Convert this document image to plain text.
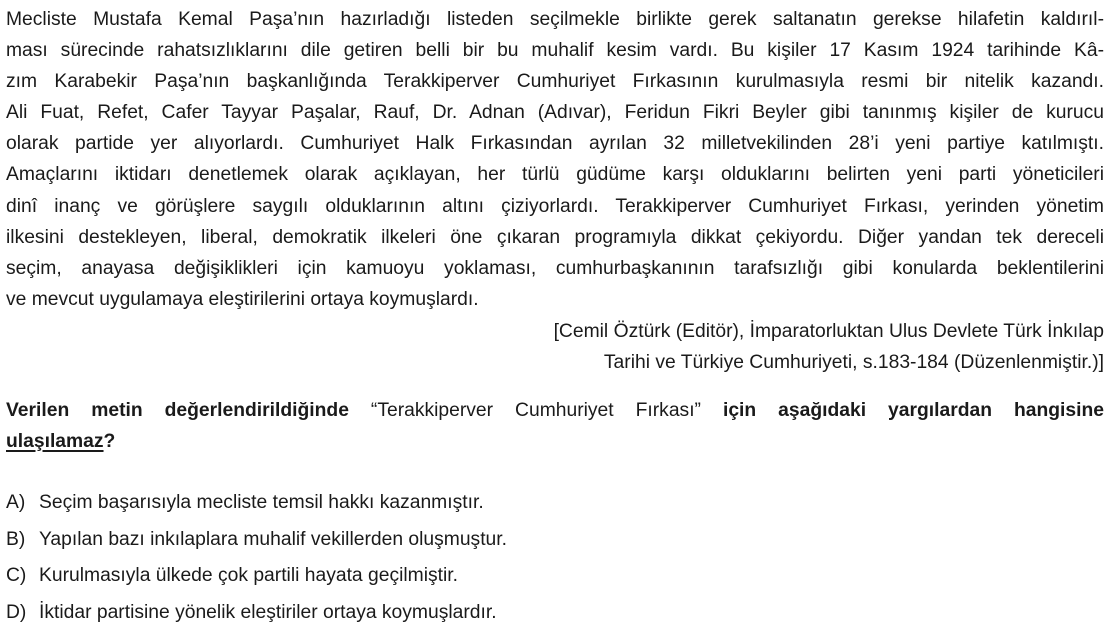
Mecliste Mustafa Kemal Paşa’nın hazırladığı listeden seçilmekle birlikte gerek saltanatın gerekse hilafetin kaldırıl-
ması sürecinde rahatsızlıklarını dile getiren belli bir bu muhalif kesim vardı. Bu kişiler 17 Kasım 1924 tarihinde Kâ-
zım Karabekir Paşa’nın başkanlığında Terakkiperver Cumhuriyet Fırkasının kurulmasıyla resmi bir nitelik kazandı.
Ali Fuat, Refet, Cafer Tayyar Paşalar, Rauf, Dr. Adnan (Adıvar), Feridun Fikri Beyler gibi tanınmış kişiler de kurucu
olarak partide yer alıyorlardı. Cumhuriyet Halk Fırkasından ayrılan 32 milletvekilinden 28’i yeni partiye katılmıştı.
Amaçlarını iktidarı denetlemek olarak açıklayan, her türlü güdüme karşı olduklarını belirten yeni parti yöneticileri
dinî inanç ve görüşlere saygılı olduklarının altını çiziyorlardı. Terakkiperver Cumhuriyet Fırkası, yerinden yönetim
ilkesini destekleyen, liberal, demokratik ilkeleri öne çıkaran programıyla dikkat çekiyordu. Diğer yandan tek dereceli
seçim, anayasa değişiklikleri için kamuoyu yoklaması, cumhurbaşkanının tarafsızlığı gibi konularda beklentilerini
ve mevcut uygulamaya eleştirilerini ortaya koymuşlardı.

[Cemil Öztürk (Editör), İmparatorluktan Ulus Devlete Türk İnkılap
Tarihi ve Türkiye Cumhuriyeti, s.183-184 (Düzenlenmiştir.)]

Verilen metin değerlendirildiğinde “Terakkiperver Cumhuriyet Fırkası” için aşağıdaki yargılardan hangisine
ulaşılamaz?

A) Seçim başarısıyla mecliste temsil hakkı kazanmıştır.
B) Yapılan bazı inkılaplara muhalif vekillerden oluşmuştur.
C) Kurulmasıyla ülkede çok partili hayata geçilmiştir.
D) İktidar partisine yönelik eleştiriler ortaya koymuşlardır.
